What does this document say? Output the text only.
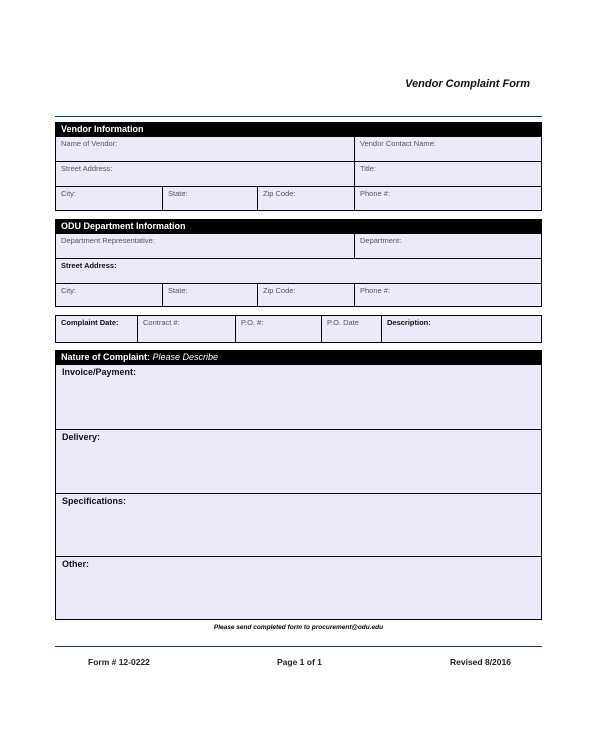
Vendor Complaint Form
Vendor Information
Name of Vendor:	Vendor Contact Name:
Street Address:	Title:
City:	State:	Zip Code:	Phone #:
ODU Department Information
Department Representative:	Department:
Street Address:
City:	State:	Zip Code:	Phone #:
Complaint Date:	Contract #:	P.O. #:	P.O. Date	Description:
Nature of Complaint: Please Describe
Invoice/Payment:
Delivery:
Specifications:
Other:
Please send completed form to procurement@odu.edu
Form # 12-0222	Page 1 of 1	Revised 8/2016
